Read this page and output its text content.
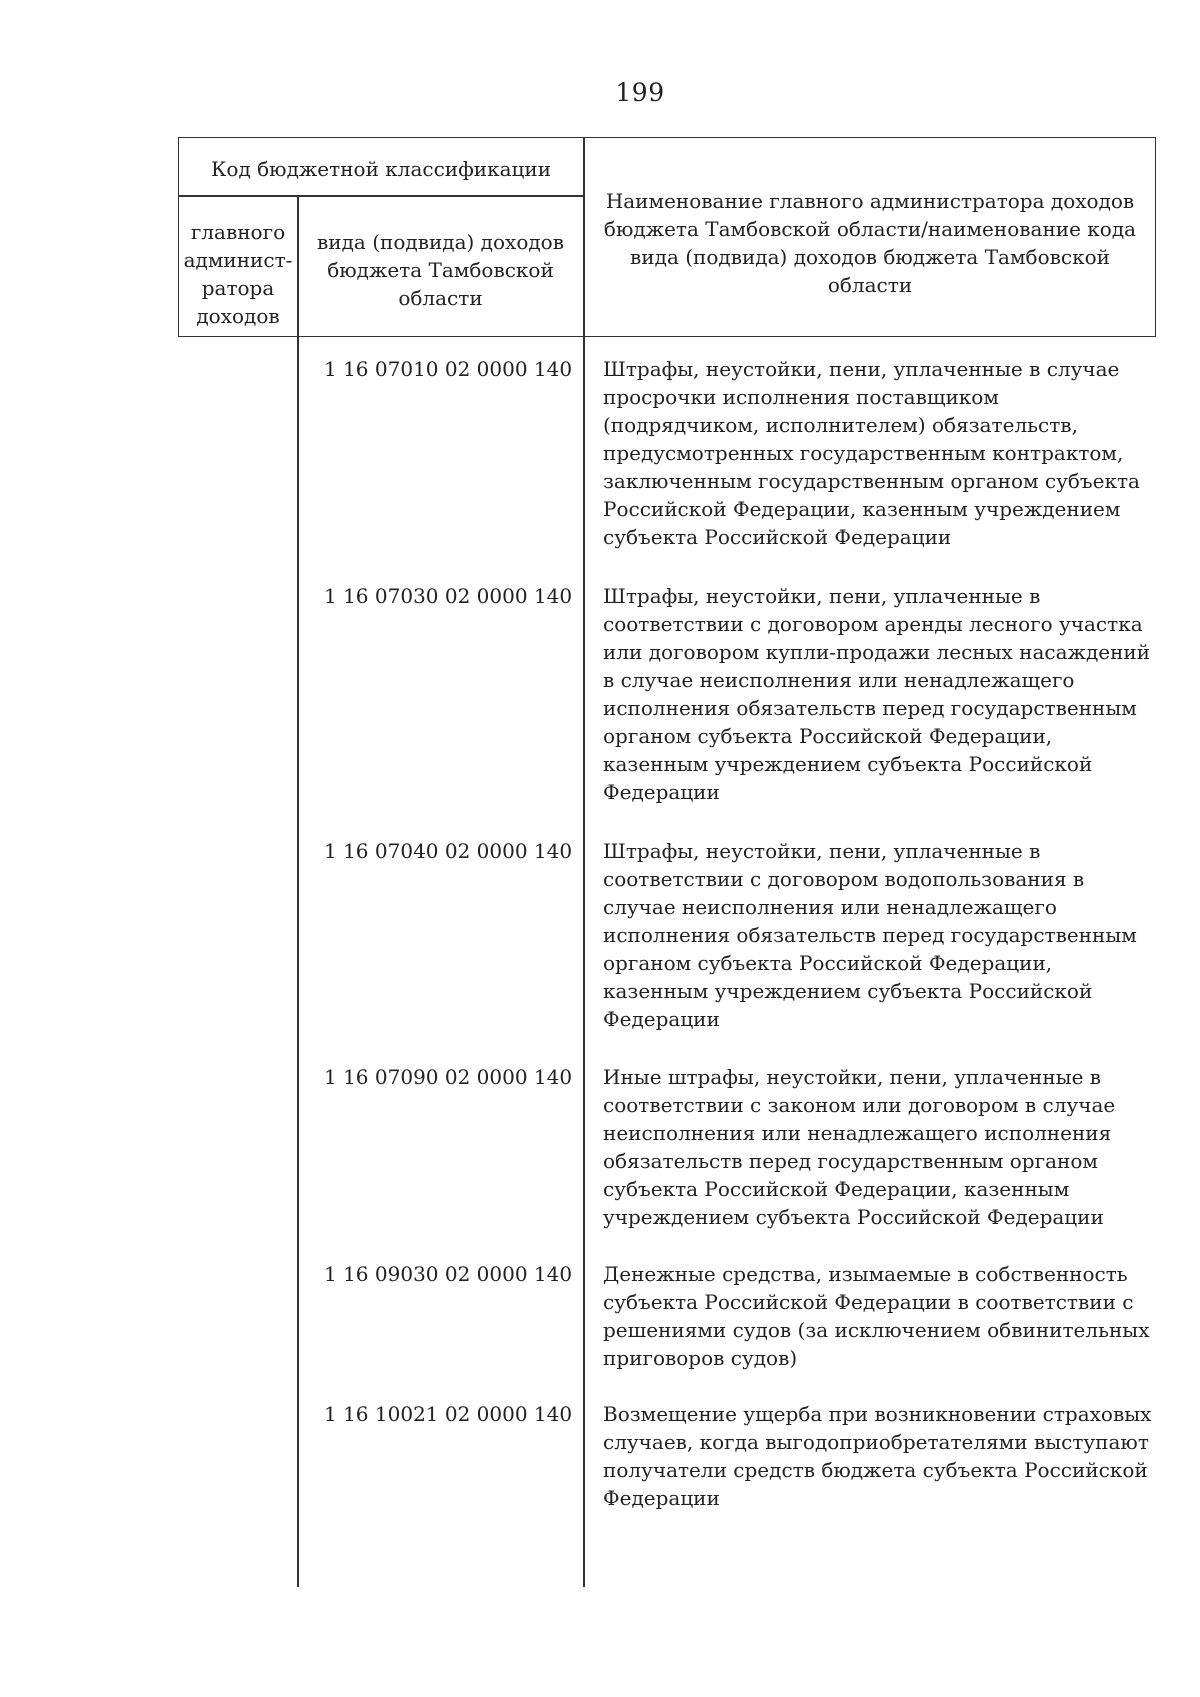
199
Код бюджетной классификации
главного админист-ратора доходов
вида (подвида) доходов бюджета Тамбовской области
Наименование главного администратора доходов бюджета Тамбовской области/наименование кода вида (подвида) доходов бюджета Тамбовской области
1 16 07010 02 0000 140 Штрафы, неустойки, пени, уплаченные в случае просрочки исполнения поставщиком (подрядчиком, исполнителем) обязательств, предусмотренных государственным контрактом, заключенным государственным органом субъекта Российской Федерации, казенным учреждением субъекта Российской Федерации
1 16 07030 02 0000 140 Штрафы, неустойки, пени, уплаченные в соответствии с договором аренды лесного участка или договором купли-продажи лесных насаждений в случае неисполнения или ненадлежащего исполнения обязательств перед государственным органом субъекта Российской Федерации, казенным учреждением субъекта Российской Федерации
1 16 07040 02 0000 140 Штрафы, неустойки, пени, уплаченные в соответствии с договором водопользования в случае неисполнения или ненадлежащего исполнения обязательств перед государственным органом субъекта Российской Федерации, казенным учреждением субъекта Российской Федерации
1 16 07090 02 0000 140 Иные штрафы, неустойки, пени, уплаченные в соответствии с законом или договором в случае неисполнения или ненадлежащего исполнения обязательств перед государственным органом субъекта Российской Федерации, казенным учреждением субъекта Российской Федерации
1 16 09030 02 0000 140 Денежные средства, изымаемые в собственность субъекта Российской Федерации в соответствии с решениями судов (за исключением обвинительных приговоров судов)
1 16 10021 02 0000 140 Возмещение ущерба при возникновении страховых случаев, когда выгодоприобретателями выступают получатели средств бюджета субъекта Российской Федерации
